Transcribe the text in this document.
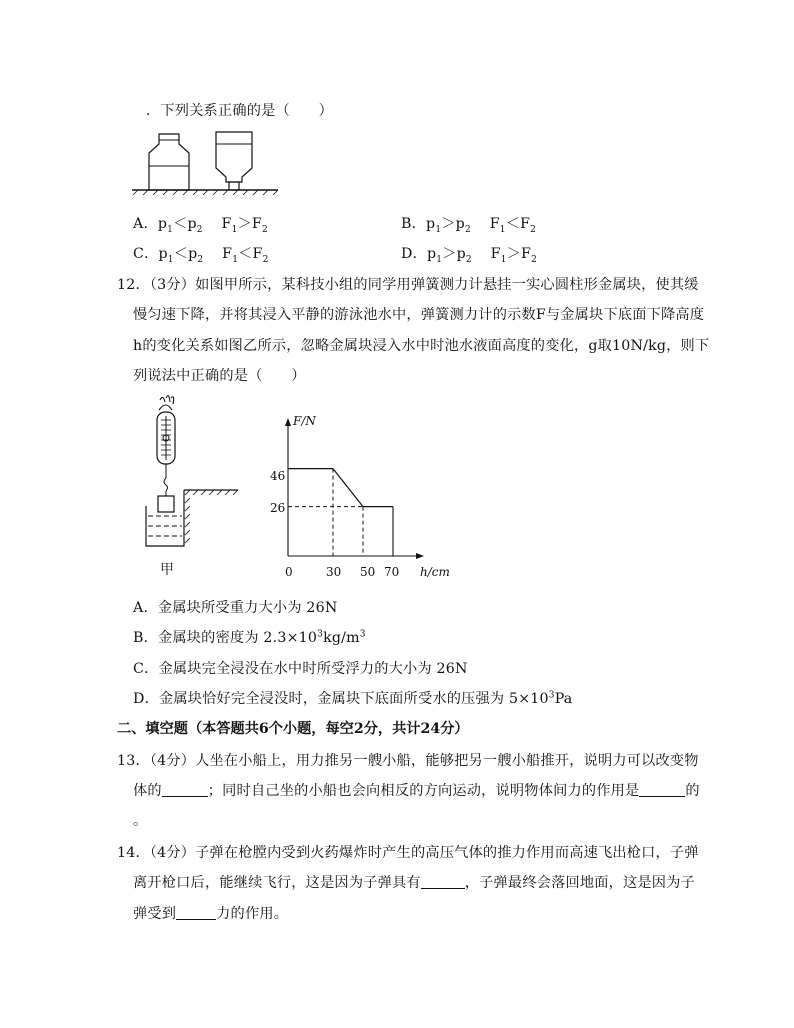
．下列关系正确的是（　　）
A．$p_1<p_2$ $F_1>F_2$	B．$p_1>p_2$ $F_1<F_2$
C．$p_1<p_2$ $F_1<F_2$	D．$p_1>p_2$ $F_1>F_2$
12．（3分）如图甲所示，某科技小组的同学用弹簧测力计悬挂一实心圆柱形金属块，使其缓
慢匀速下降，并将其浸入平静的游泳池水中，弹簧测力计的示数F与金属块下底面下降高度
h的变化关系如图乙所示，忽略金属块浸入水中时池水液面高度的变化，g取10N/kg，则下
列说法中正确的是（　　）
甲
F/N
h/cm
46
26
0	30 50 70
A．金属块所受重力大小为 26N
B．金属块的密度为 $2.3\times 10^3kg/m^3$
C．金属块完全浸没在水中时所受浮力的大小为 26N
D．金属块恰好完全浸没时，金属块下底面所受水的压强为 $5\times 10^3Pa$
二、填空题（本答题共6个小题，每空2分，共计24分）
13．（4分）人坐在小船上，用力推另一艘小船，能够把另一艘小船推开，说明力可以改变物
体的	；同时自己坐的小船也会向相反的方向运动，说明物体间力的作用是	的
。
14．（4分）子弹在枪膛内受到火药爆炸时产生的高压气体的推力作用而高速飞出枪口，子弹
离开枪口后，能继续飞行，这是因为子弹具有	，子弹最终会落回地面，这是因为子
弹受到	力的作用。
